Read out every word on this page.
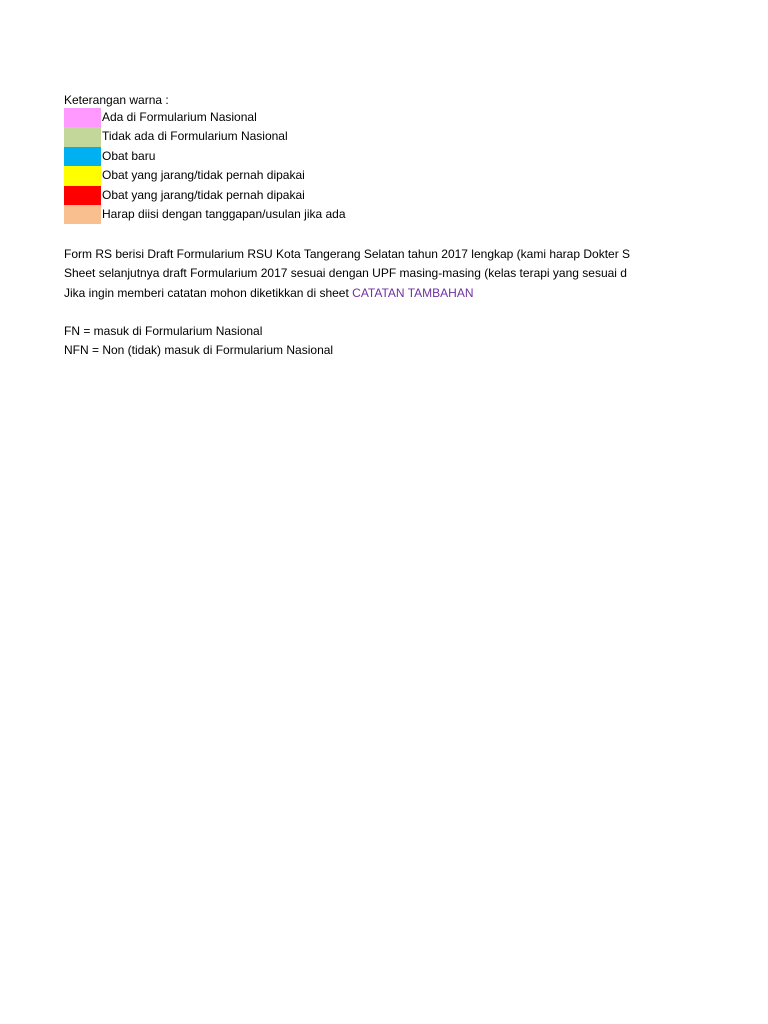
Keterangan warna :
Ada di Formularium Nasional
Tidak ada di Formularium Nasional
Obat baru
Obat yang jarang/tidak pernah dipakai
Obat yang jarang/tidak pernah dipakai
Harap diisi dengan tanggapan/usulan jika ada
Form RS berisi Draft Formularium RSU Kota Tangerang Selatan tahun 2017 lengkap (kami harap Dokter S
Sheet selanjutnya draft Formularium 2017 sesuai dengan UPF masing-masing (kelas terapi yang sesuai d
Jika ingin memberi catatan mohon diketikkan di sheet CATATAN TAMBAHAN
FN = masuk di Formularium Nasional
NFN = Non (tidak) masuk di Formularium Nasional
